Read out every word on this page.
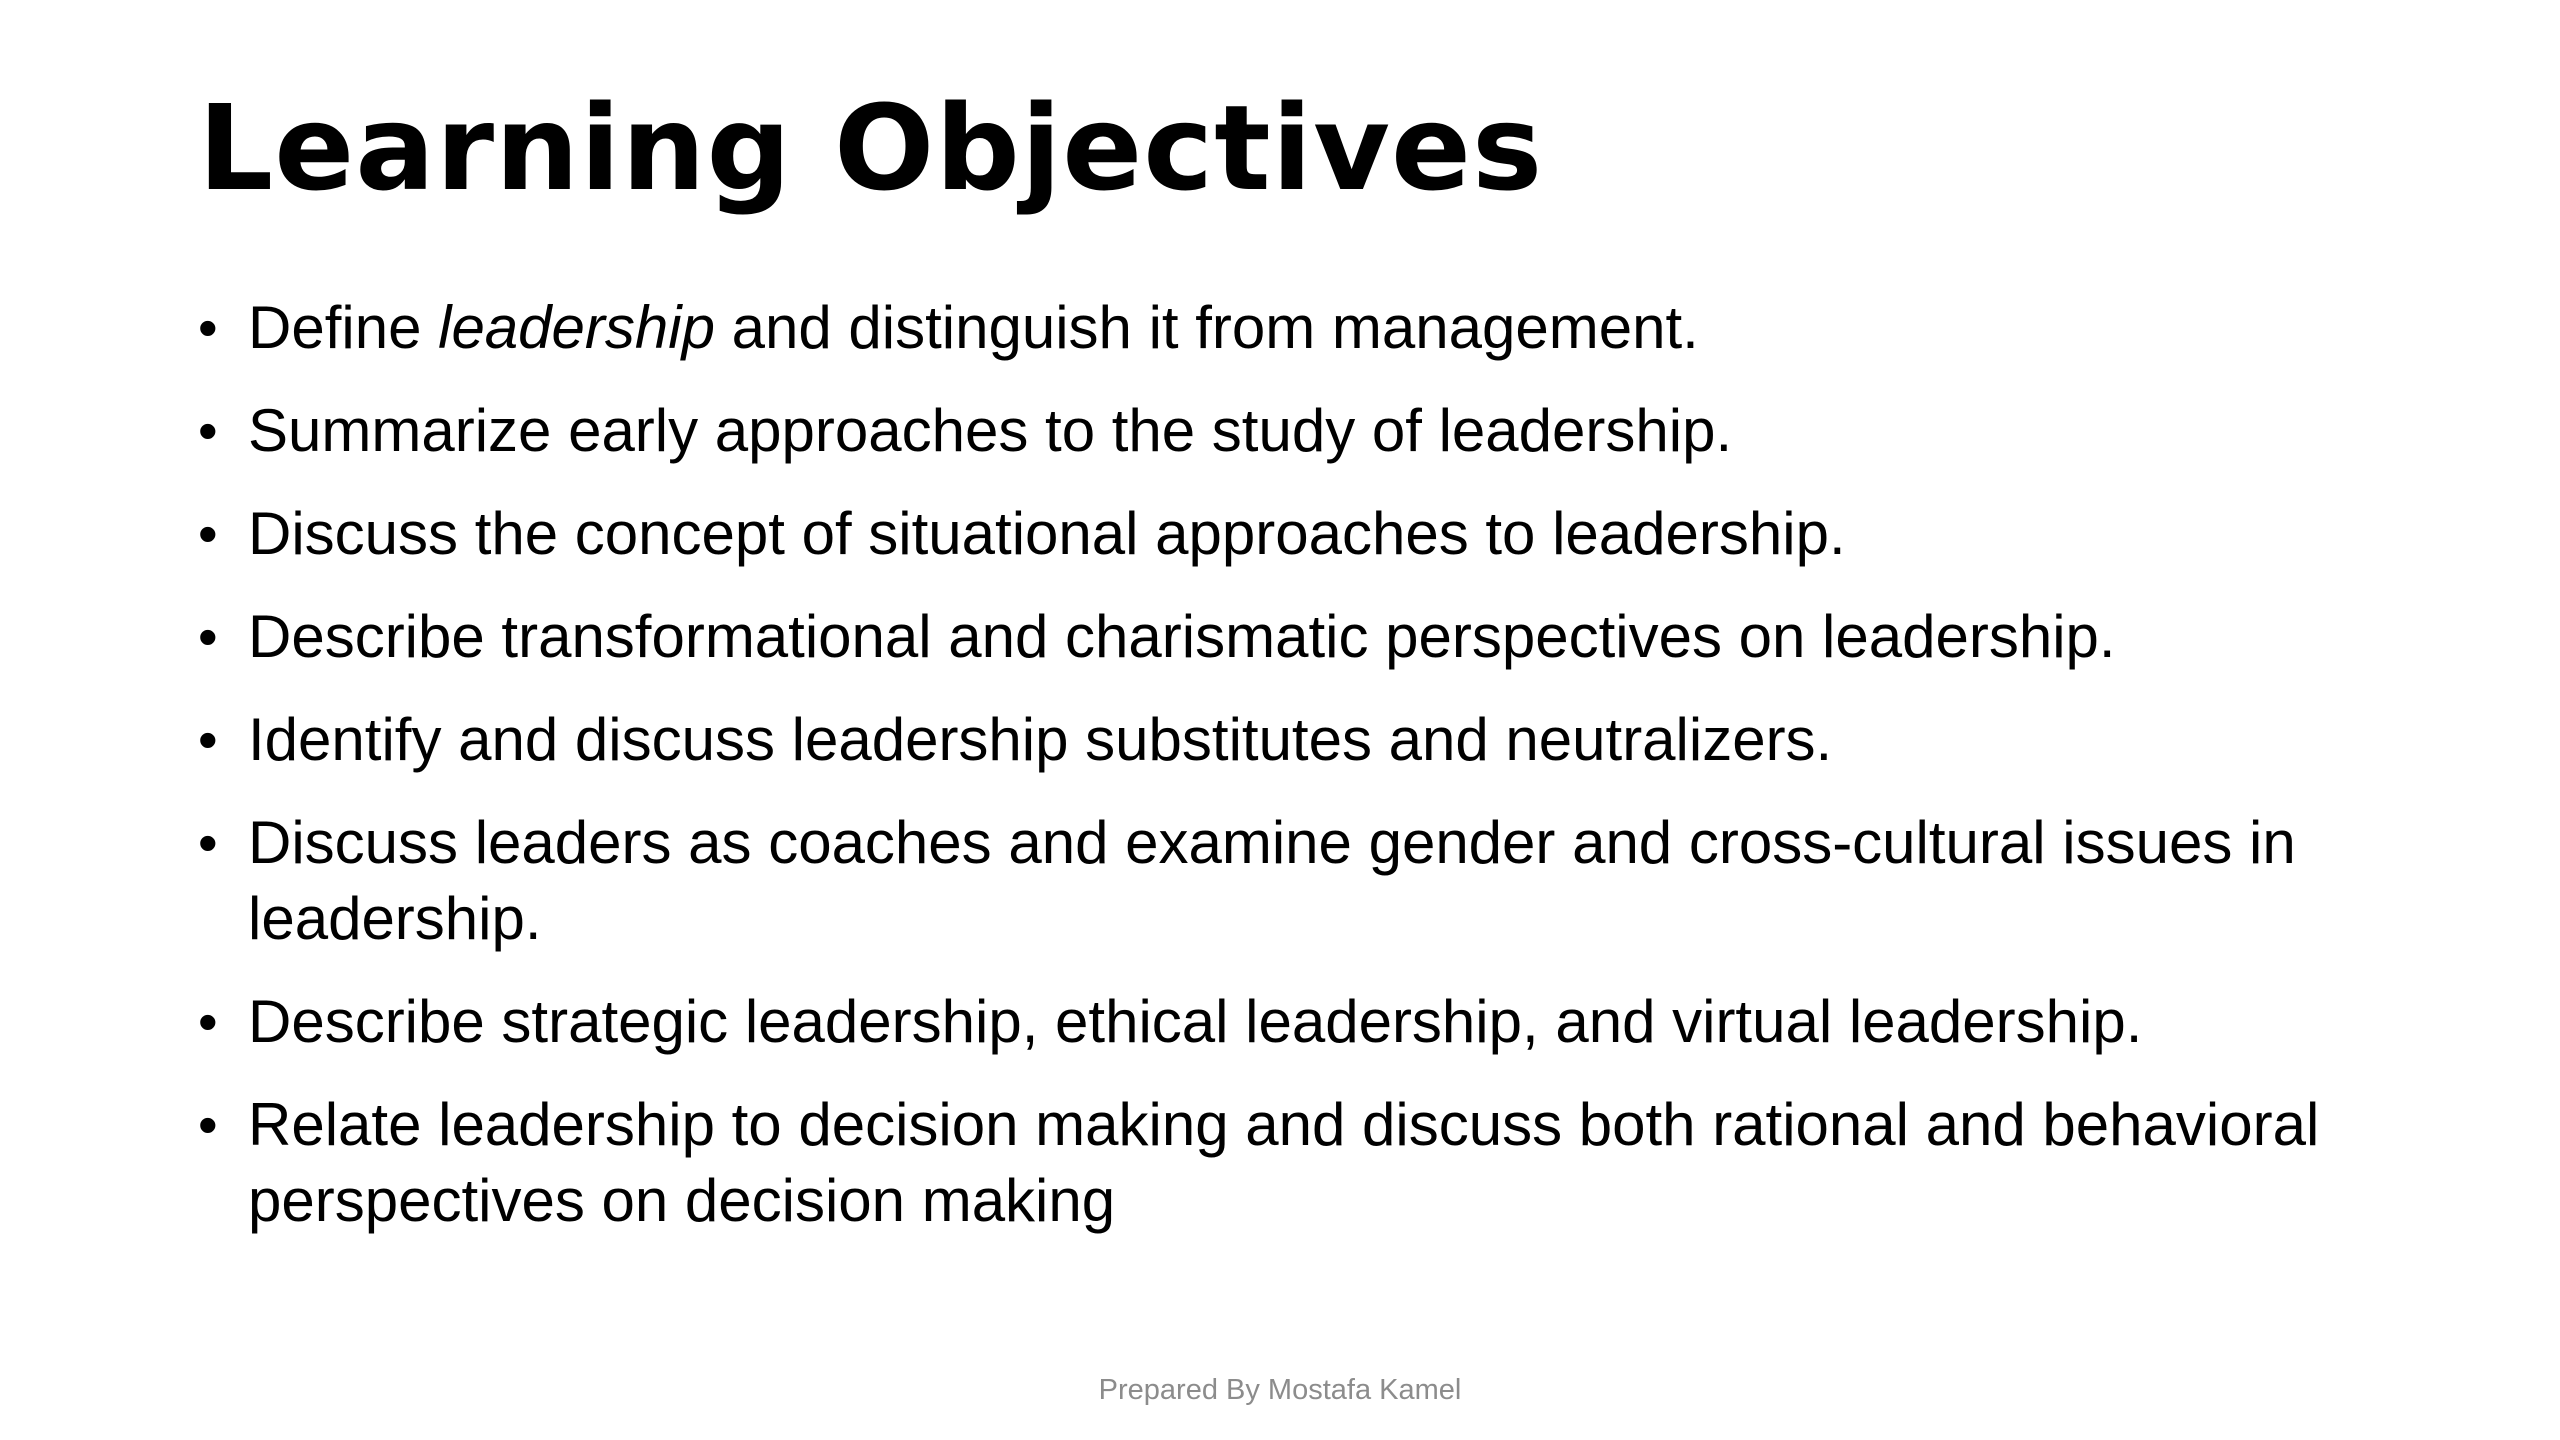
Learning Objectives
• Define leadership and distinguish it from management.
• Summarize early approaches to the study of leadership.
• Discuss the concept of situational approaches to leadership.
• Describe transformational and charismatic perspectives on leadership.
• Identify and discuss leadership substitutes and neutralizers.
• Discuss leaders as coaches and examine gender and cross-cultural issues in leadership.
• Describe strategic leadership, ethical leadership, and virtual leadership.
• Relate leadership to decision making and discuss both rational and behavioral perspectives on decision making
Prepared By Mostafa Kamel
